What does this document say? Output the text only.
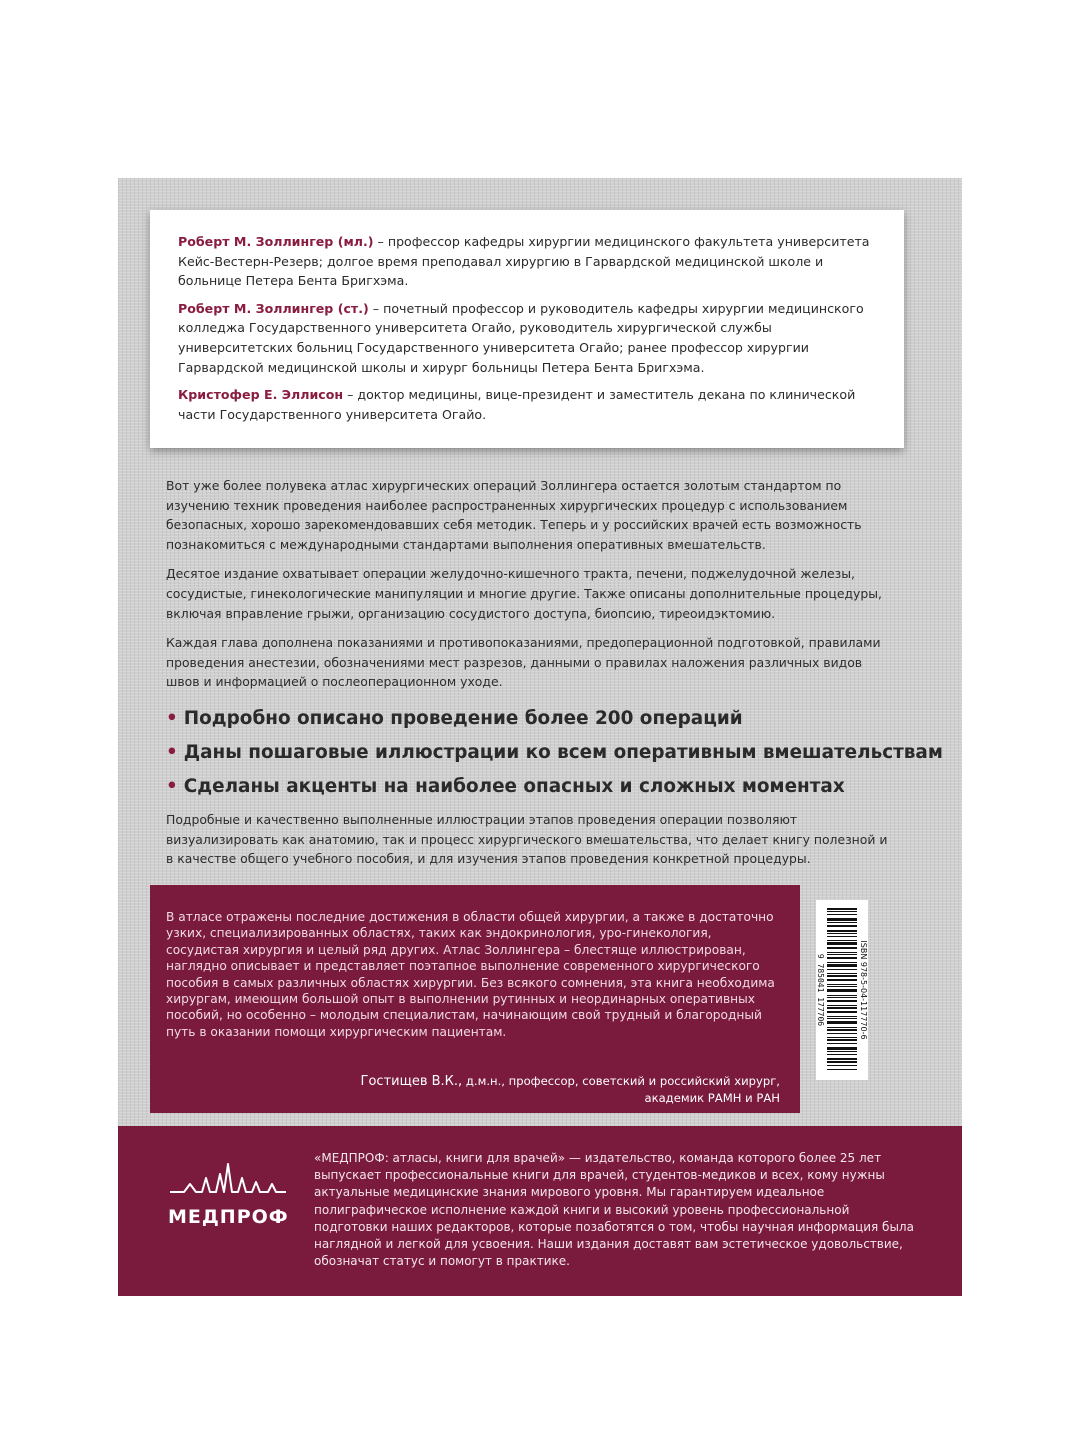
Роберт М. Золлингер (мл.) – профессор кафедры хирургии медицинского факультета университета Кейс-Вестерн-Резерв; долгое время преподавал хирургию в Гарвардской медицинской школе и больнице Петера Бента Бригхэма.

Роберт М. Золлингер (ст.) – почетный профессор и руководитель кафедры хирургии медицинского колледжа Государственного университета Огайо, руководитель хирургической службы университетских больниц Государственного университета Огайо; ранее профессор хирургии Гарвардской медицинской школы и хирург больницы Петера Бента Бригхэма.

Кристофер Е. Эллисон – доктор медицины, вице-президент и заместитель декана по клинической части Государственного университета Огайо.

Вот уже более полувека атлас хирургических операций Золлингера остается золотым стандартом по изучению техник проведения наиболее распространенных хирургических процедур с использованием безопасных, хорошо зарекомендовавших себя методик. Теперь и у российских врачей есть возможность познакомиться с международными стандартами выполнения оперативных вмешательств.

Десятое издание охватывает операции желудочно-кишечного тракта, печени, поджелудочной железы, сосудистые, гинекологические манипуляции и многие другие. Также описаны дополнительные процедуры, включая вправление грыжи, организацию сосудистого доступа, биопсию, тиреоидэктомию.

Каждая глава дополнена показаниями и противопоказаниями, предоперационной подготовкой, правилами проведения анестезии, обозначениями мест разрезов, данными о правилах наложения различных видов швов и информацией о послеоперационном уходе.

• Подробно описано проведение более 200 операций
• Даны пошаговые иллюстрации ко всем оперативным вмешательствам
• Сделаны акценты на наиболее опасных и сложных моментах

Подробные и качественно выполненные иллюстрации этапов проведения операции позволяют визуализировать как анатомию, так и процесс хирургического вмешательства, что делает книгу полезной и в качестве общего учебного пособия, и для изучения этапов проведения конкретной процедуры.

В атласе отражены последние достижения в области общей хирургии, а также в достаточно узких, специализированных областях, таких как эндокринология, уро-гинекология, сосудистая хирургия и целый ряд других. Атлас Золлингера – блестяще иллюстрирован, наглядно описывает и представляет поэтапное выполнение современного хирургического пособия в самых различных областях хирургии. Без всякого сомнения, эта книга необходима хирургам, имеющим большой опыт в выполнении рутинных и неординарных оперативных пособий, но особенно – молодым специалистам, начинающим свой трудный и благородный путь в оказании помощи хирургическим пациентам.
Гостищев В.К., д.м.н., профессор, советский и российский хирург,
академик РАМН и РАН
ISBN 978-5-04-117770-6
9 785041 177706
МЕДПРОФ
«МЕДПРОФ: атласы, книги для врачей» — издательство, команда которого более 25 лет выпускает профессиональные книги для врачей, студентов-медиков и всех, кому нужны актуальные медицинские знания мирового уровня. Мы гарантируем идеальное полиграфическое исполнение каждой книги и высокий уровень профессиональной подготовки наших редакторов, которые позаботятся о том, чтобы научная информация была наглядной и легкой для усвоения. Наши издания доставят вам эстетическое удовольствие, обозначат статус и помогут в практике.
